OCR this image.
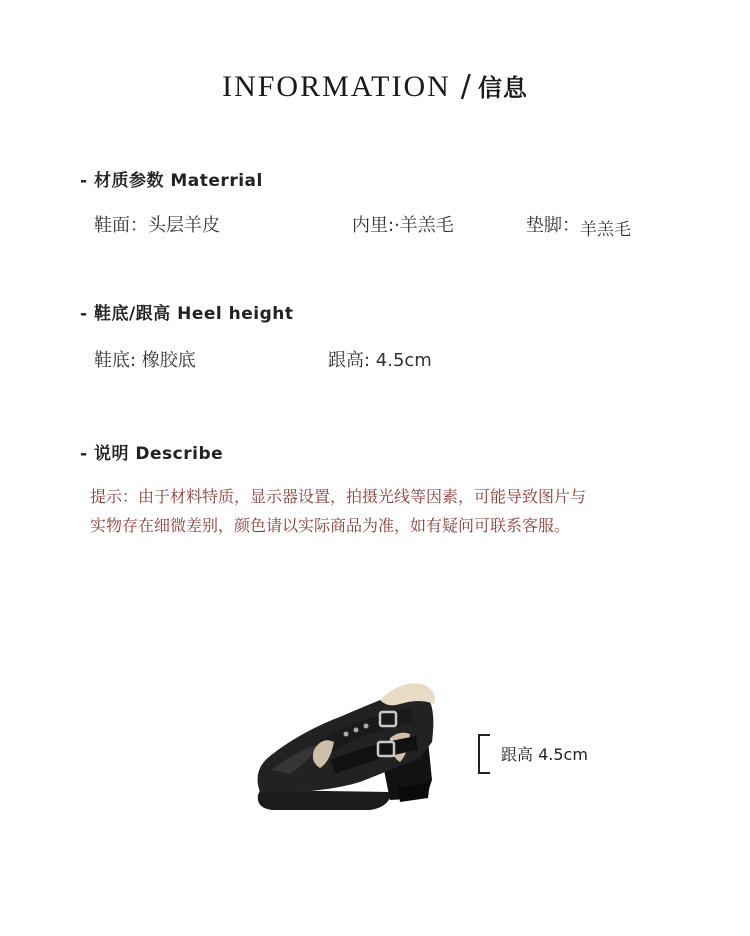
INFORMATION / 信息
- 材质参数 Materrial
鞋面：头层羊皮	内里:·羊羔毛	垫脚：羊羔毛
- 鞋底/跟高 Heel height
鞋底: 橡胶底	跟高: 4.5cm
- 说明 Describe
提示：由于材料特质，显示器设置，拍摄光线等因素，可能导致图片与
实物存在细微差别，颜色请以实际商品为准，如有疑问可联系客服。
跟高 4.5cm
